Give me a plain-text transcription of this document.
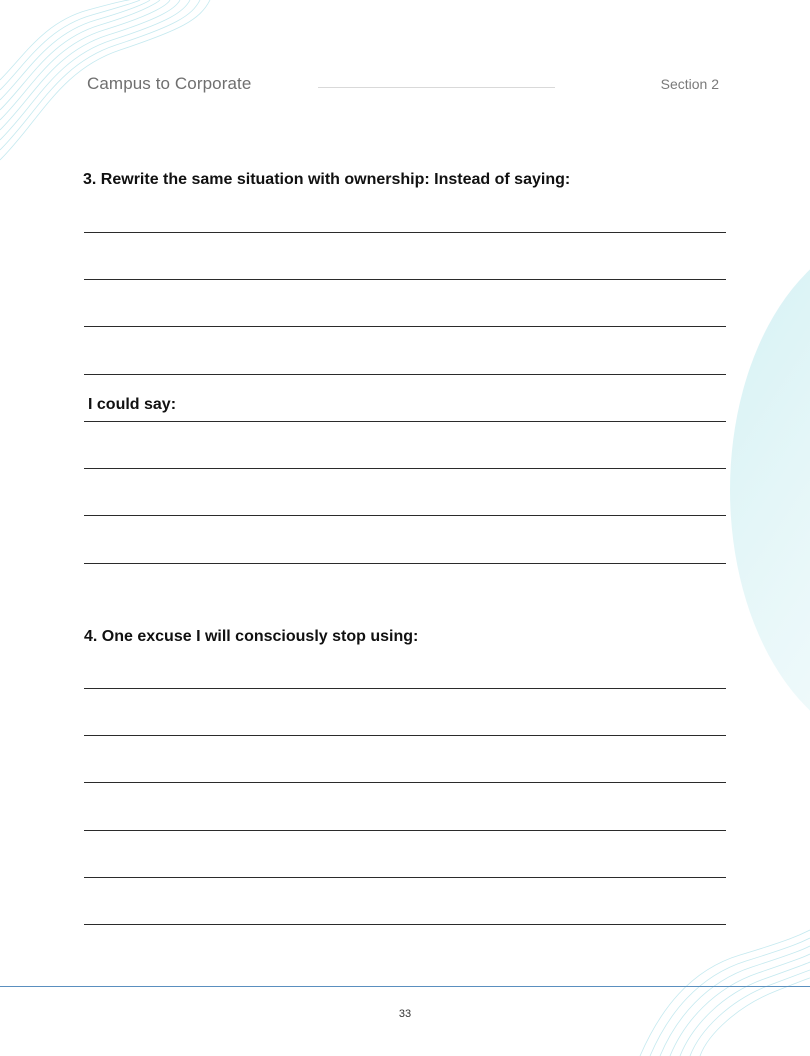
Campus to Corporate	Section 2
3. Rewrite the same situation with ownership: Instead of saying:
I could say:
4. One excuse I will consciously stop using:
33
